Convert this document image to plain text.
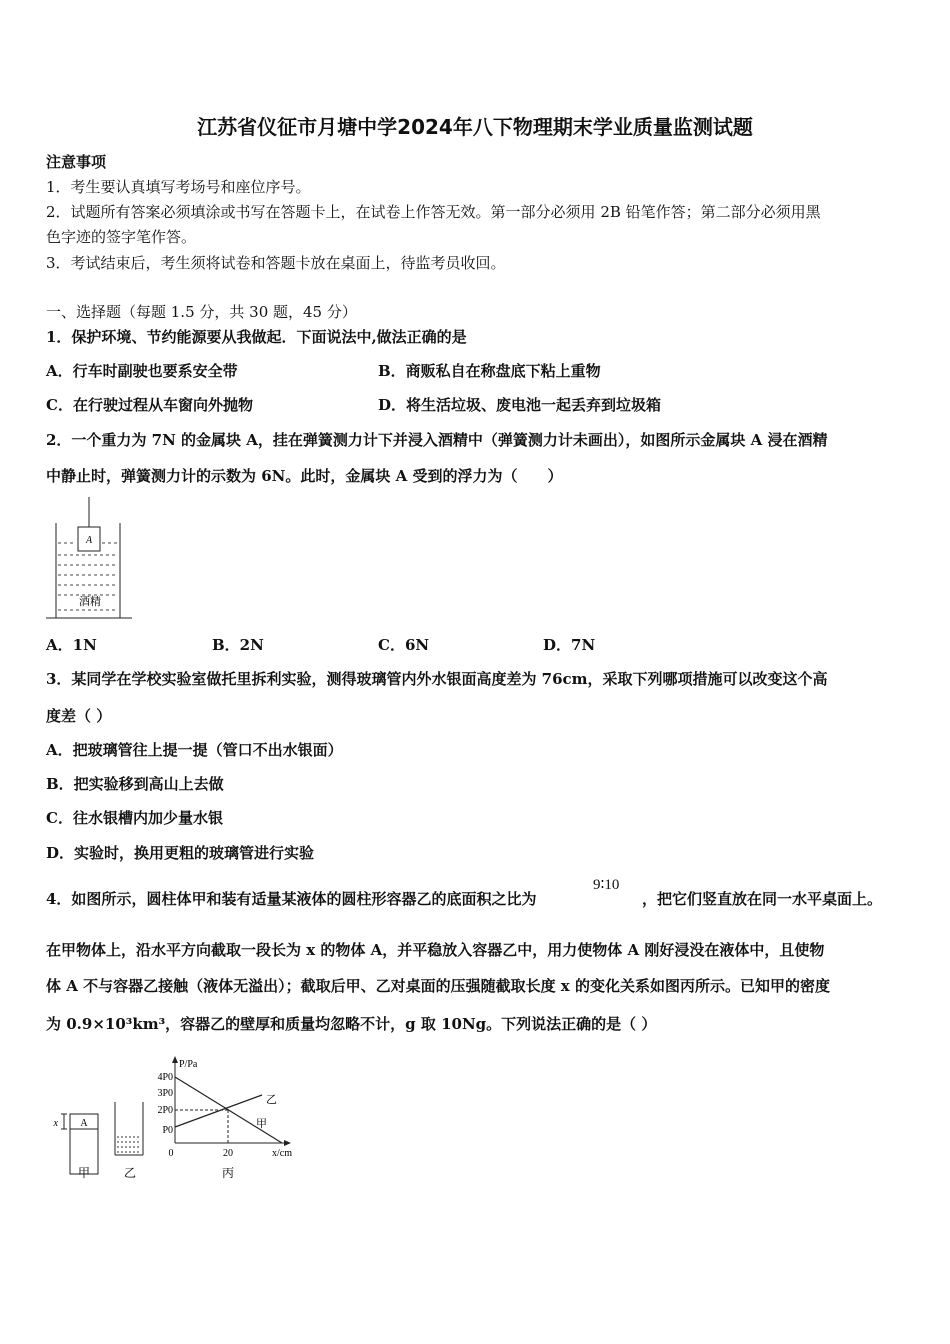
江苏省仪征市月塘中学2024年八下物理期末学业质量监测试题
注意事项
1．考生要认真填写考场号和座位序号。
2．试题所有答案必须填涂或书写在答题卡上，在试卷上作答无效。第一部分必须用 2B 铅笔作答；第二部分必须用黑
色字迹的签字笔作答。
3．考试结束后，考生须将试卷和答题卡放在桌面上，待监考员收回。
一、选择题（每题 1.5 分，共 30 题，45 分）
1．保护环境、节约能源要从我做起．下面说法中,做法正确的是
A．行车时副驶也要系安全带	B．商贩私自在称盘底下粘上重物
C．在行驶过程从车窗向外抛物	D．将生活垃圾、废电池一起丢弃到垃圾箱
2．一个重力为 7N 的金属块 A，挂在弹簧测力计下并浸入酒精中（弹簧测力计未画出），如图所示金属块 A 浸在酒精
中静止时，弹簧测力计的示数为 6N。此时，金属块 A 受到的浮力为（　　）
A
酒精
A．1N	B．2N	C．6N	D．7N
3．某同学在学校实验室做托里拆利实验，测得玻璃管内外水银面高度差为 76cm，采取下列哪项措施可以改变这个高
度差（ ）
A．把玻璃管往上提一提（管口不出水银面）
B．把实验移到高山上去做
C．往水银槽内加少量水银
D．实验时，换用更粗的玻璃管进行实验
4．如图所示，圆柱体甲和装有适量某液体的圆柱形容器乙的底面积之比为
9∶10
，把它们竖直放在同一水平桌面上。
在甲物体上，沿水平方向截取一段长为 x 的物体 A，并平稳放入容器乙中，用力使物体 A 刚好浸没在液体中，且使物
体 A 不与容器乙接触（液体无溢出）；截取后甲、乙对桌面的压强随截取长度 x 的变化关系如图丙所示。已知甲的密度
为 0.9×10³km³，容器乙的壁厚和质量均忽略不计，g 取 10Ng。下列说法正确的是（ ）
A
x
甲	乙
P/Pa
4P0
3P0
2P0
P0
乙
甲
0	20	x/cm
丙
